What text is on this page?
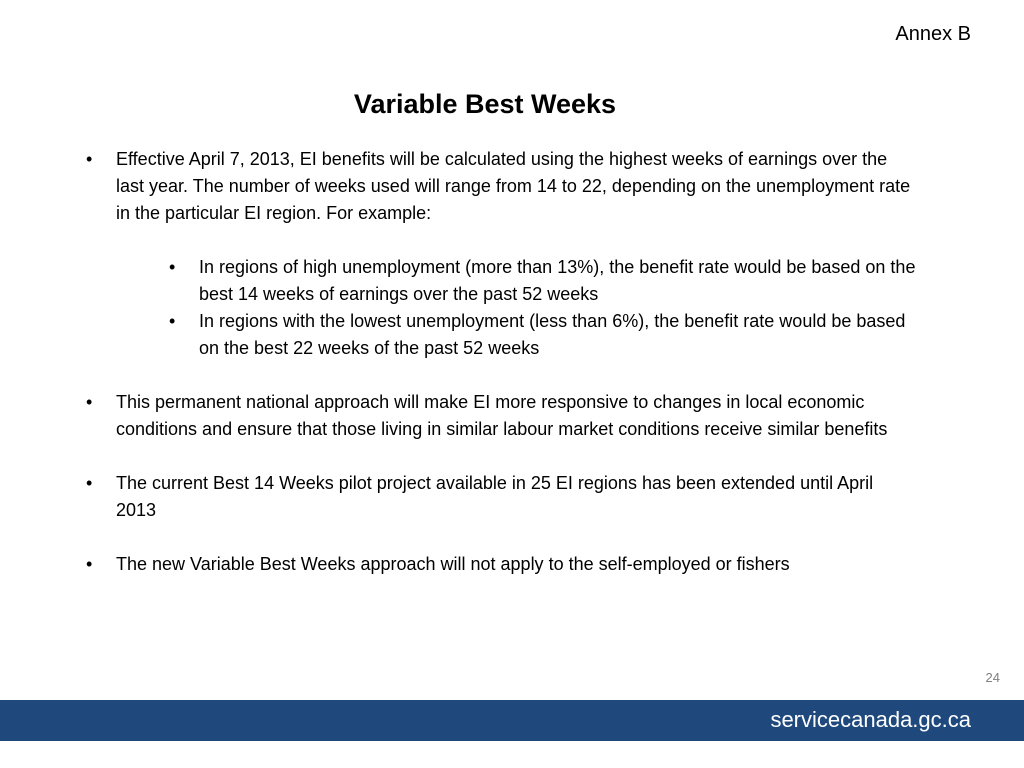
Annex B
Variable Best Weeks

• Effective April 7, 2013, EI benefits will be calculated using the highest weeks of earnings over the last year. The number of weeks used will range from 14 to 22, depending on the unemployment rate in the particular EI region. For example:

• In regions of high unemployment (more than 13%), the benefit rate would be based on the best 14 weeks of earnings over the past 52 weeks

• In regions with the lowest unemployment (less than 6%), the benefit rate would be based on the best 22 weeks of the past 52 weeks

• This permanent national approach will make EI more responsive to changes in local economic conditions and ensure that those living in similar labour market conditions receive similar benefits

• The current Best 14 Weeks pilot project available in 25 EI regions has been extended until April 2013

• The new Variable Best Weeks approach will not apply to the self-employed or fishers

24
servicecanada.gc.ca
